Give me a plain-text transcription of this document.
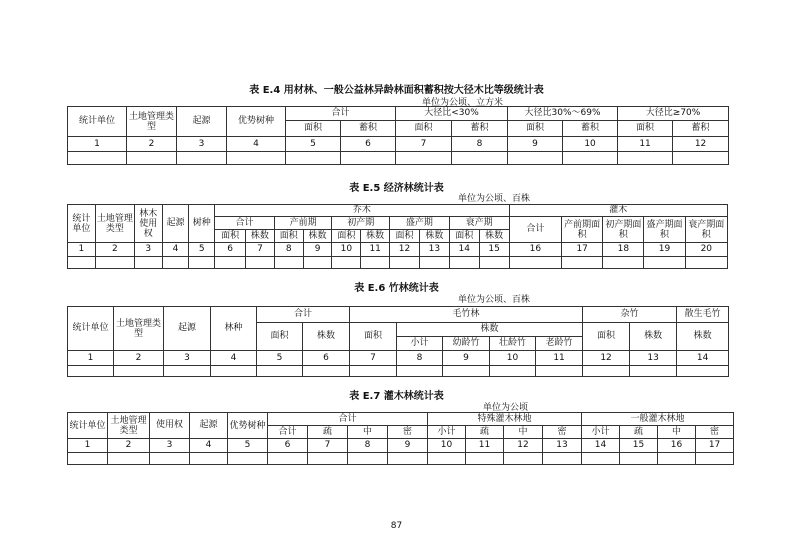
表 E.4 用材林、一般公益林异龄林面积蓄积按大径木比等级统计表
单位为公顷、立方米
统计单位	土地管理类型	起源	优势树种	合计		大径比<30%		大径比30%～69%		大径比≥70%	
				面积	蓄积	面积	蓄积	面积	蓄积	面积	蓄积
1	2	3	4	5	6	7	8	9	10	11	12

表 E.5 经济林统计表
单位为公顷、百株
统计单位	土地管理类型	林木使用权	起源	树种	乔木										灌木				
					合计		产前期		初产期		盛产期		衰产期		合计	产前期面积	初产期面积	盛产期面积	衰产期面积
					面积	株数	面积	株数	面积	株数	面积	株数	面积	株数					
1	2	3	4	5	6	7	8	9	10	11	12	13	14	15	16	17	18	19	20

表 E.6 竹林统计表
单位为公顷、百株
统计单位	土地管理类型	起源	林种	合计		毛竹林					杂竹		散生毛竹
				面积	株数	面积	株数				面积	株数	株数
							小计	幼龄竹	壮龄竹	老龄竹			
1	2	3	4	5	6	7	8	9	10	11	12	13	14

表 E.7 灌木林统计表
单位为公顷
统计单位	土地管理类型	使用权	起源	优势树种	合计				特殊灌木林地				一般灌木林地			
					合计	疏	中	密	小计	疏	中	密	小计	疏	中	密
1	2	3	4	5	6	7	8	9	10	11	12	13	14	15	16	17

87
